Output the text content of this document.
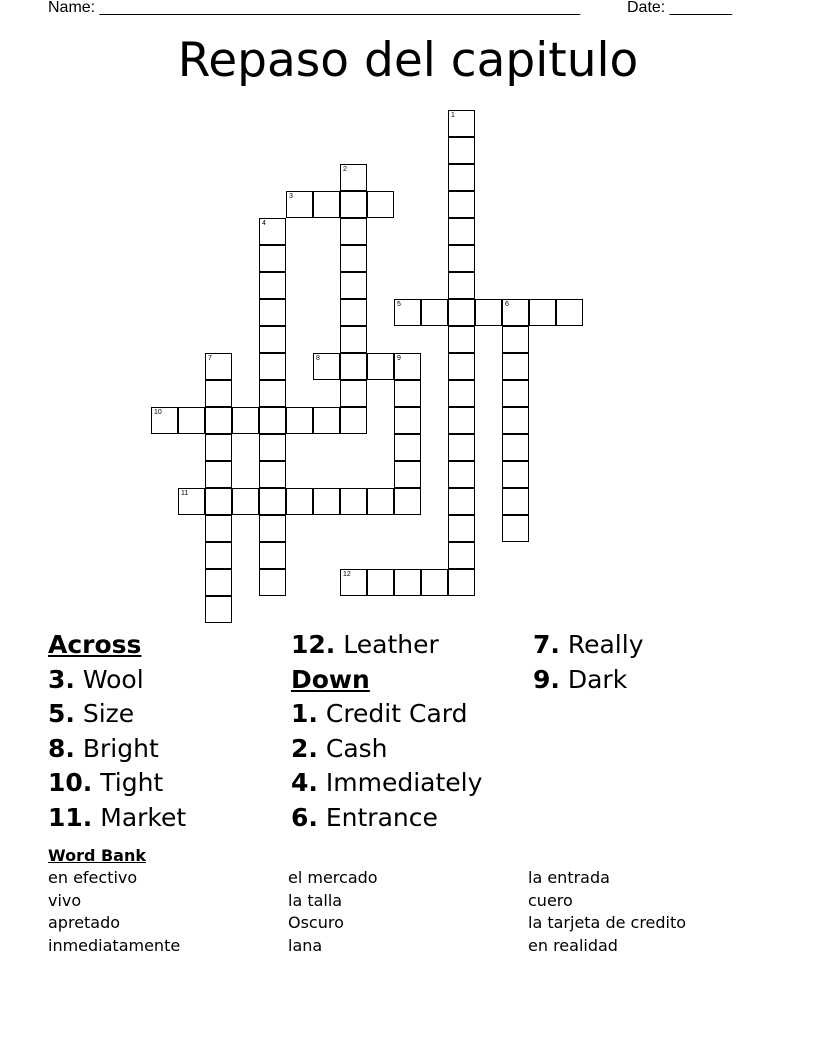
Name: ______________________________________________________	Date: _______
Repaso del capitulo
1
2
3
4
5	6
7	8	9
10
11
12
Across
3. Wool
5. Size
8. Bright
10. Tight
11. Market
12. Leather
Down
1. Credit Card
2. Cash
4. Immediately
6. Entrance
7. Really
9. Dark
Word Bank
en efectivo
vivo
apretado
inmediatamente
el mercado
la talla
Oscuro
lana
la entrada
cuero
la tarjeta de credito
en realidad
